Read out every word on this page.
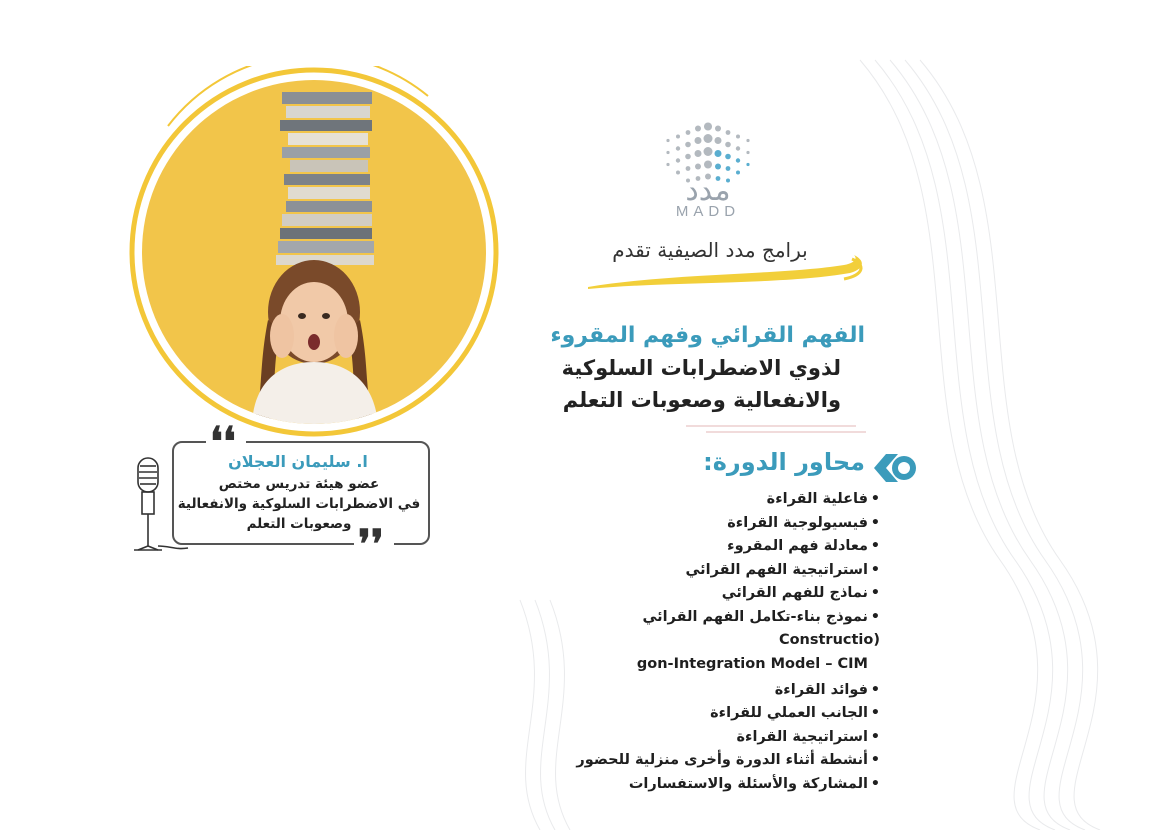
مدد
MADD
برامج مدد الصيفية تقدم
الفهم القرائي وفهم المقروء
لذوي الاضطرابات السلوكية
والانفعالية وصعوبات التعلم
محاور الدورة:
•فاعلية القراءة
•فيسيولوجية القراءة
•معادلة فهم المقروء
•استراتيجية الفهم القرائي
•نماذج للفهم القرائي
•نموذج بناء-تكامل الفهم القرائي (Constructio
gon-Integration Model – CIM
•فوائد القراءة
•الجانب العملي للقراءة
•استراتيجية القراءة
•أنشطة أثناء الدورة وأخرى منزلية للحضور
•المشاركة والأسئلة والاستفسارات
❛❛
❜❜
ا. سليمان العجلان
عضو هيئة تدريس مختص
في الاضطرابات السلوكية والانفعالية
وصعوبات التعلم
